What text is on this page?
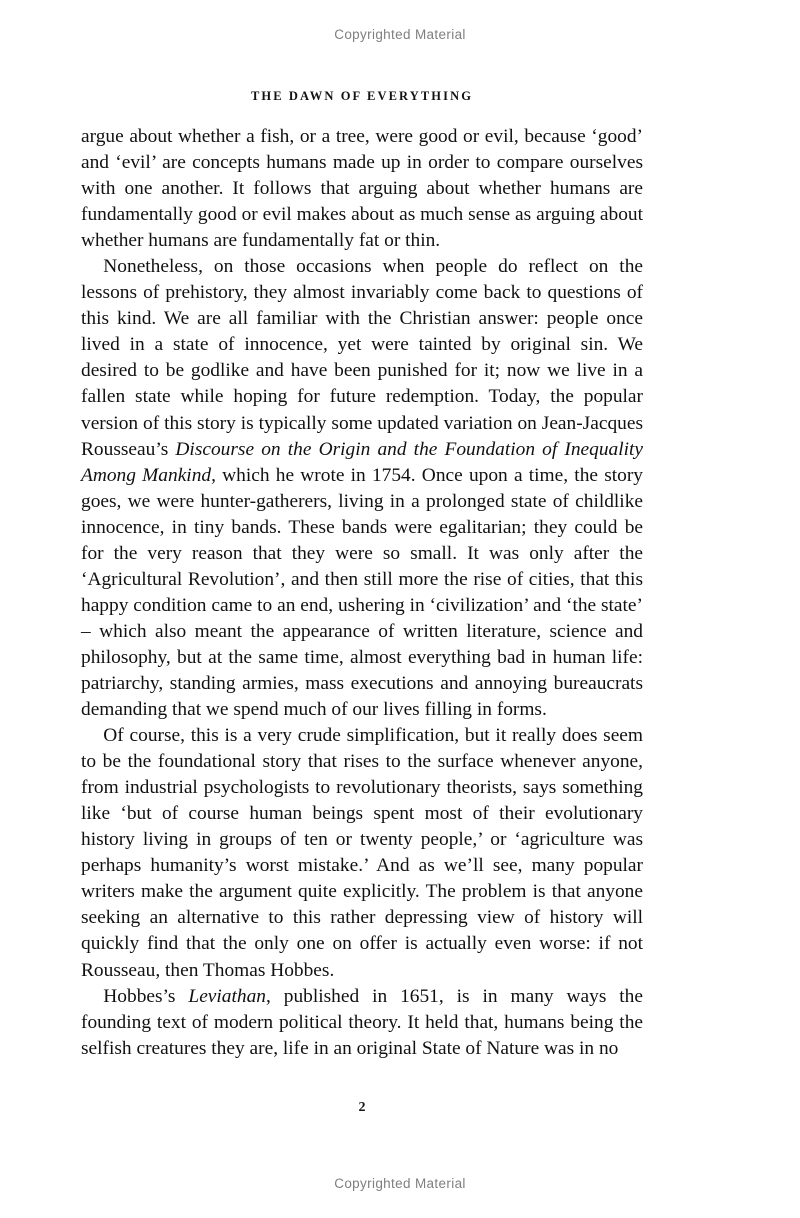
Copyrighted Material
THE DAWN OF EVERYTHING

argue about whether a fish, or a tree, were good or evil, because ‘good’ and ‘evil’ are concepts humans made up in order to compare ourselves with one another. It follows that arguing about whether humans are fundamentally good or evil makes about as much sense as arguing about whether humans are fundamentally fat or thin.

Nonetheless, on those occasions when people do reflect on the lessons of prehistory, they almost invariably come back to questions of this kind. We are all familiar with the Christian answer: people once lived in a state of innocence, yet were tainted by original sin. We desired to be godlike and have been punished for it; now we live in a fallen state while hoping for future redemption. Today, the popular version of this story is typically some updated variation on Jean-Jacques Rousseau’s Discourse on the Origin and the Foundation of Inequality Among Mankind, which he wrote in 1754. Once upon a time, the story goes, we were hunter-gatherers, living in a prolonged state of childlike innocence, in tiny bands. These bands were egalitarian; they could be for the very reason that they were so small. It was only after the ‘Agricultural Revolution’, and then still more the rise of cities, that this happy condition came to an end, ushering in ‘civilization’ and ‘the state’ – which also meant the appearance of written literature, science and philosophy, but at the same time, almost everything bad in human life: patriarchy, standing armies, mass executions and annoying bureaucrats demanding that we spend much of our lives filling in forms.

Of course, this is a very crude simplification, but it really does seem to be the foundational story that rises to the surface whenever anyone, from industrial psychologists to revolutionary theorists, says something like ‘but of course human beings spent most of their evolutionary history living in groups of ten or twenty people,’ or ‘agriculture was perhaps humanity’s worst mistake.’ And as we’ll see, many popular writers make the argument quite explicitly. The problem is that anyone seeking an alternative to this rather depressing view of history will quickly find that the only one on offer is actually even worse: if not Rousseau, then Thomas Hobbes.

Hobbes’s Leviathan, published in 1651, is in many ways the founding text of modern political theory. It held that, humans being the selfish creatures they are, life in an original State of Nature was in no

2
Copyrighted Material
